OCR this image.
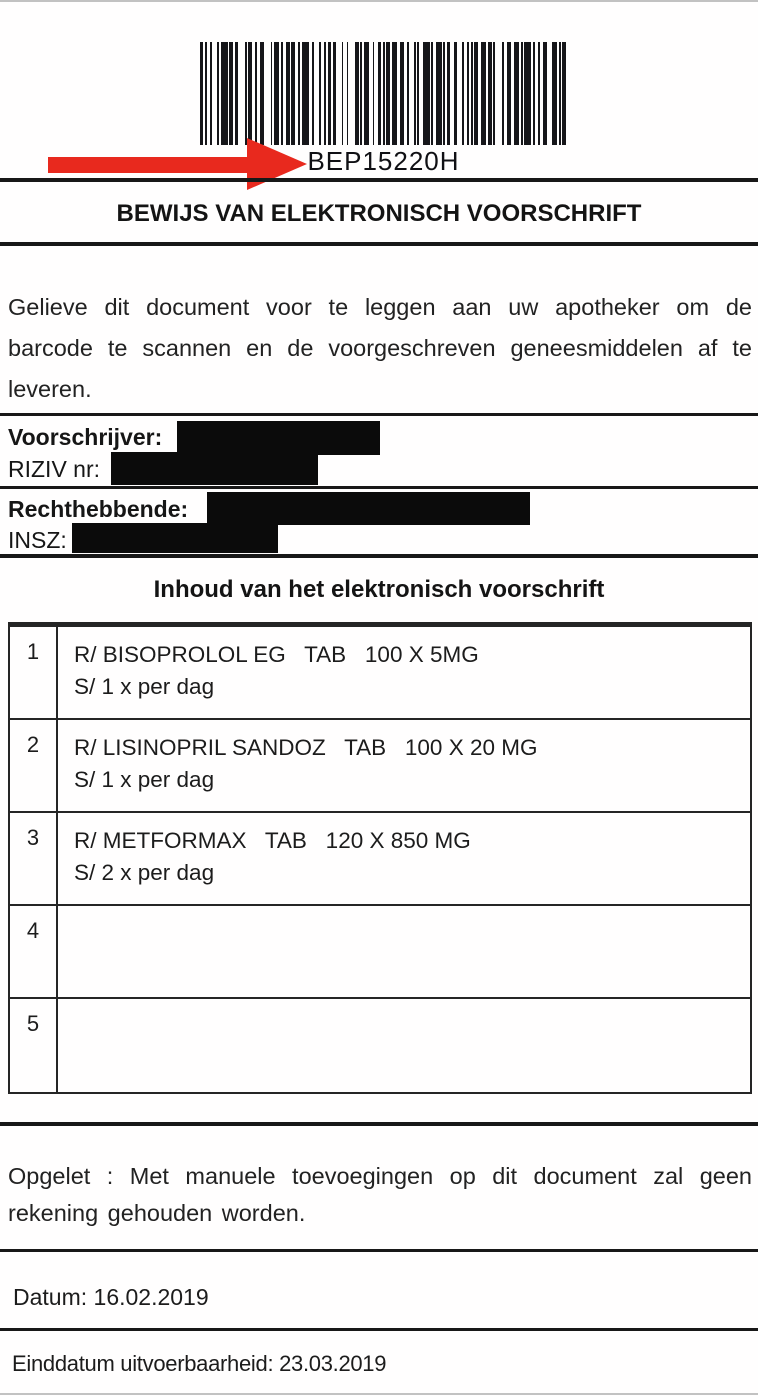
BEP15220H
BEWIJS VAN ELEKTRONISCH VOORSCHRIFT
Gelieve dit document voor te leggen aan uw apotheker om de barcode te scannen en de voorgeschreven geneesmiddelen af te leveren.
Voorschrijver:
RIZIV nr:
Rechthebbende:
INSZ:
Inhoud van het elektronisch voorschrift
1	R/ BISOPROLOL EG   TAB   100 X 5MG
S/ 1 x per dag
2	R/ LISINOPRIL SANDOZ   TAB   100 X 20 MG
S/ 1 x per dag
3	R/ METFORMAX   TAB   120 X 850 MG
S/ 2 x per dag
4
5
Opgelet : Met manuele toevoegingen op dit document zal geen rekening gehouden worden.
Datum: 16.02.2019
Einddatum uitvoerbaarheid: 23.03.2019
